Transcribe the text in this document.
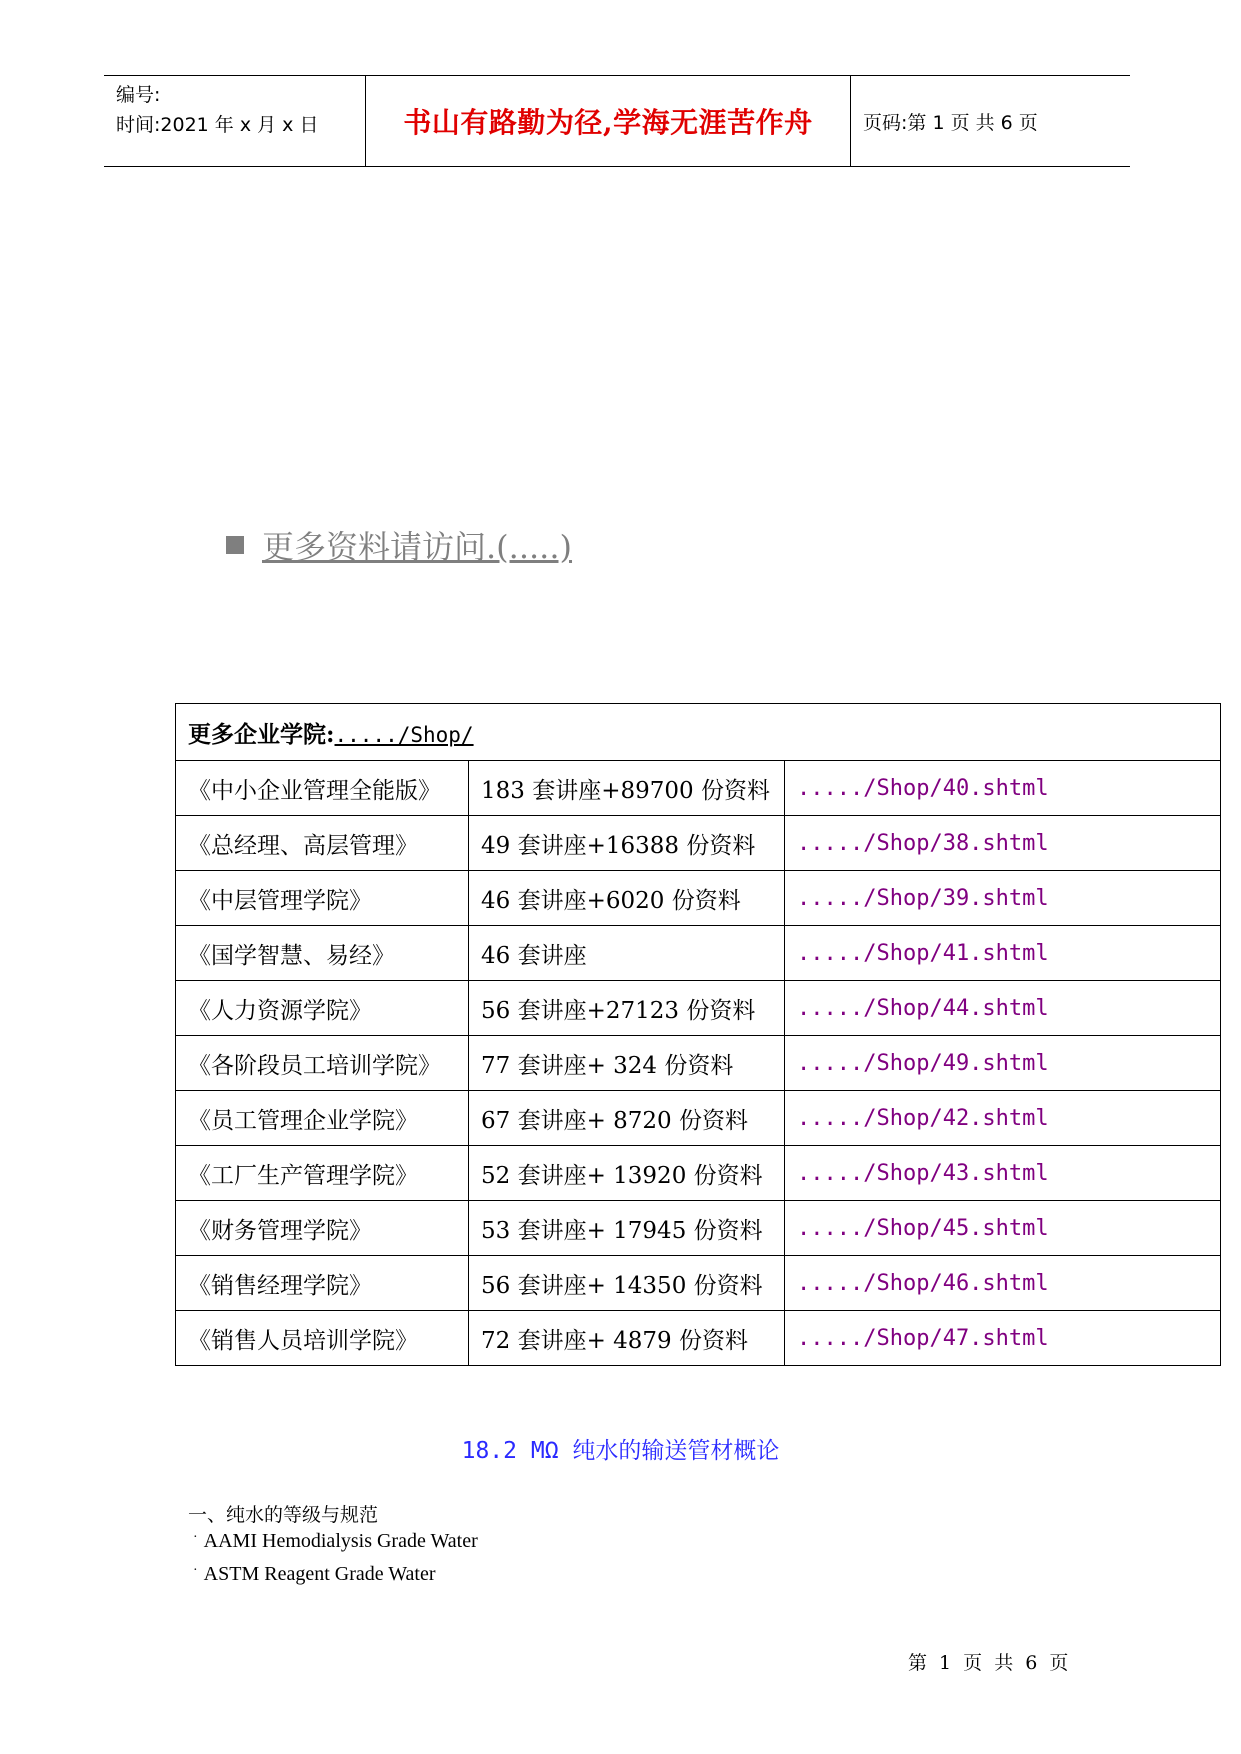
编号:
时间:2021 年 x 月 x 日	书山有路勤为径,学海无涯苦作舟	页码:第 1 页 共 6 页
更多资料请访问.(.....)
更多企业学院:...../Shop/		
《中小企业管理全能版》	183 套讲座+89700 份资料	...../Shop/40.shtml
《总经理、高层管理》	49 套讲座+16388 份资料	...../Shop/38.shtml
《中层管理学院》	46 套讲座+6020 份资料	...../Shop/39.shtml
《国学智慧、易经》	46 套讲座	...../Shop/41.shtml
《人力资源学院》	56 套讲座+27123 份资料	...../Shop/44.shtml
《各阶段员工培训学院》	77 套讲座+ 324 份资料	...../Shop/49.shtml
《员工管理企业学院》	67 套讲座+ 8720 份资料	...../Shop/42.shtml
《工厂生产管理学院》	52 套讲座+ 13920 份资料	...../Shop/43.shtml
《财务管理学院》	53 套讲座+ 17945 份资料	...../Shop/45.shtml
《销售经理学院》	56 套讲座+ 14350 份资料	...../Shop/46.shtml
《销售人员培训学院》	72 套讲座+ 4879 份资料	...../Shop/47.shtml
18.2 MΩ 纯水的输送管材概论
一、纯水的等级与规范
· AAMI Hemodialysis Grade Water
· ASTM Reagent Grade Water
第 1 页 共 6 页
